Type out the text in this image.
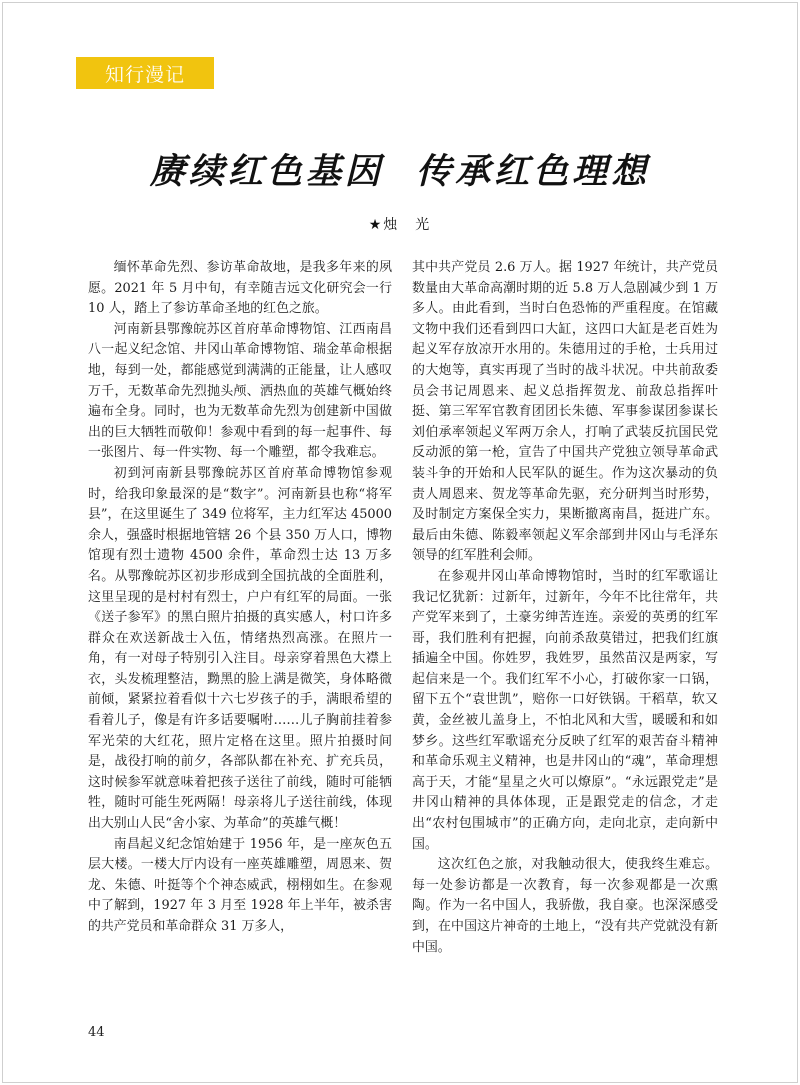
知行漫记
赓续红色基因  传承红色理想
★烛　光

缅怀革命先烈、参访革命故地，是我多年来的夙愿。2021 年 5 月中旬，有幸随吉远文化研究会一行 10 人，踏上了参访革命圣地的红色之旅。

河南新县鄂豫皖苏区首府革命博物馆、江西南昌八一起义纪念馆、井冈山革命博物馆、瑞金革命根据地，每到一处，都能感觉到满满的正能量，让人感叹万千，无数革命先烈抛头颅、洒热血的英雄气概始终遍布全身。同时，也为无数革命先烈为创建新中国做出的巨大牺牲而敬仰！参观中看到的每一起事件、每一张图片、每一件实物、每一个雕塑，都令我难忘。

初到河南新县鄂豫皖苏区首府革命博物馆参观时，给我印象最深的是“数字”。河南新县也称“将军县”，在这里诞生了 349 位将军，主力红军达 45000 余人，强盛时根据地管辖 26 个县 350 万人口，博物馆现有烈士遗物 4500 余件，革命烈士达 13 万多名。从鄂豫皖苏区初步形成到全国抗战的全面胜利，这里呈现的是村村有烈士，户户有红军的局面。一张《送子参军》的黑白照片拍摄的真实感人，村口许多群众在欢送新战士入伍，情绪热烈高涨。在照片一角，有一对母子特别引入注目。母亲穿着黑色大襟上衣，头发梳理整洁，黝黑的脸上满是微笑，身体略微前倾，紧紧拉着看似十六七岁孩子的手，满眼希望的看着儿子，像是有许多话要嘱咐……儿子胸前挂着参军光荣的大红花，照片定格在这里。照片拍摄时间是，战役打响的前夕，各部队都在补充、扩充兵员，这时候参军就意味着把孩子送往了前线，随时可能牺牲，随时可能生死两隔！母亲将儿子送往前线，体现出大别山人民“舍小家、为革命”的英雄气概！

南昌起义纪念馆始建于 1956 年，是一座灰色五层大楼。一楼大厅内设有一座英雄雕塑，周恩来、贺龙、朱德、叶挺等个个神态威武，栩栩如生。在参观中了解到，1927 年 3 月至 1928 年上半年，被杀害的共产党员和革命群众 31 万多人，

其中共产党员 2.6 万人。据 1927 年统计，共产党员数量由大革命高潮时期的近 5.8 万人急剧减少到 1 万多人。由此看到，当时白色恐怖的严重程度。在馆藏文物中我们还看到四口大缸，这四口大缸是老百姓为起义军存放凉开水用的。朱德用过的手枪，士兵用过的大炮等，真实再现了当时的战斗状况。中共前敌委员会书记周恩来、起义总指挥贺龙、前敌总指挥叶挺、第三军军官教育团团长朱德、军事参谋团参谋长刘伯承率领起义军两万余人，打响了武装反抗国民党反动派的第一枪，宣告了中国共产党独立领导革命武装斗争的开始和人民军队的诞生。作为这次暴动的负责人周恩来、贺龙等革命先驱，充分研判当时形势，及时制定方案保全实力，果断撤离南昌，挺进广东。最后由朱德、陈毅率领起义军余部到井冈山与毛泽东领导的红军胜利会师。

在参观井冈山革命博物馆时，当时的红军歌谣让我记忆犹新：过新年，过新年，今年不比往常年，共产党军来到了，土豪劣绅苦连连。亲爱的英勇的红军哥，我们胜利有把握，向前杀敌莫错过，把我们红旗插遍全中国。你姓罗，我姓罗，虽然苗汉是两家，写起信来是一个。我们红军不小心，打破你家一口锅，留下五个“袁世凯”，赔你一口好铁锅。干稻草，软又黄，金丝被儿盖身上，不怕北风和大雪，暖暖和和如梦乡。这些红军歌谣充分反映了红军的艰苦奋斗精神和革命乐观主义精神，也是井冈山的“魂”，革命理想高于天，才能“星星之火可以燎原”。“永远跟党走”是井冈山精神的具体体现，正是跟党走的信念，才走出“农村包围城市”的正确方向，走向北京，走向新中国。

这次红色之旅，对我触动很大，使我终生难忘。每一处参访都是一次教育，每一次参观都是一次熏陶。作为一名中国人，我骄傲，我自豪。也深深感受到，在中国这片神奇的土地上，“没有共产党就没有新中国。

44
